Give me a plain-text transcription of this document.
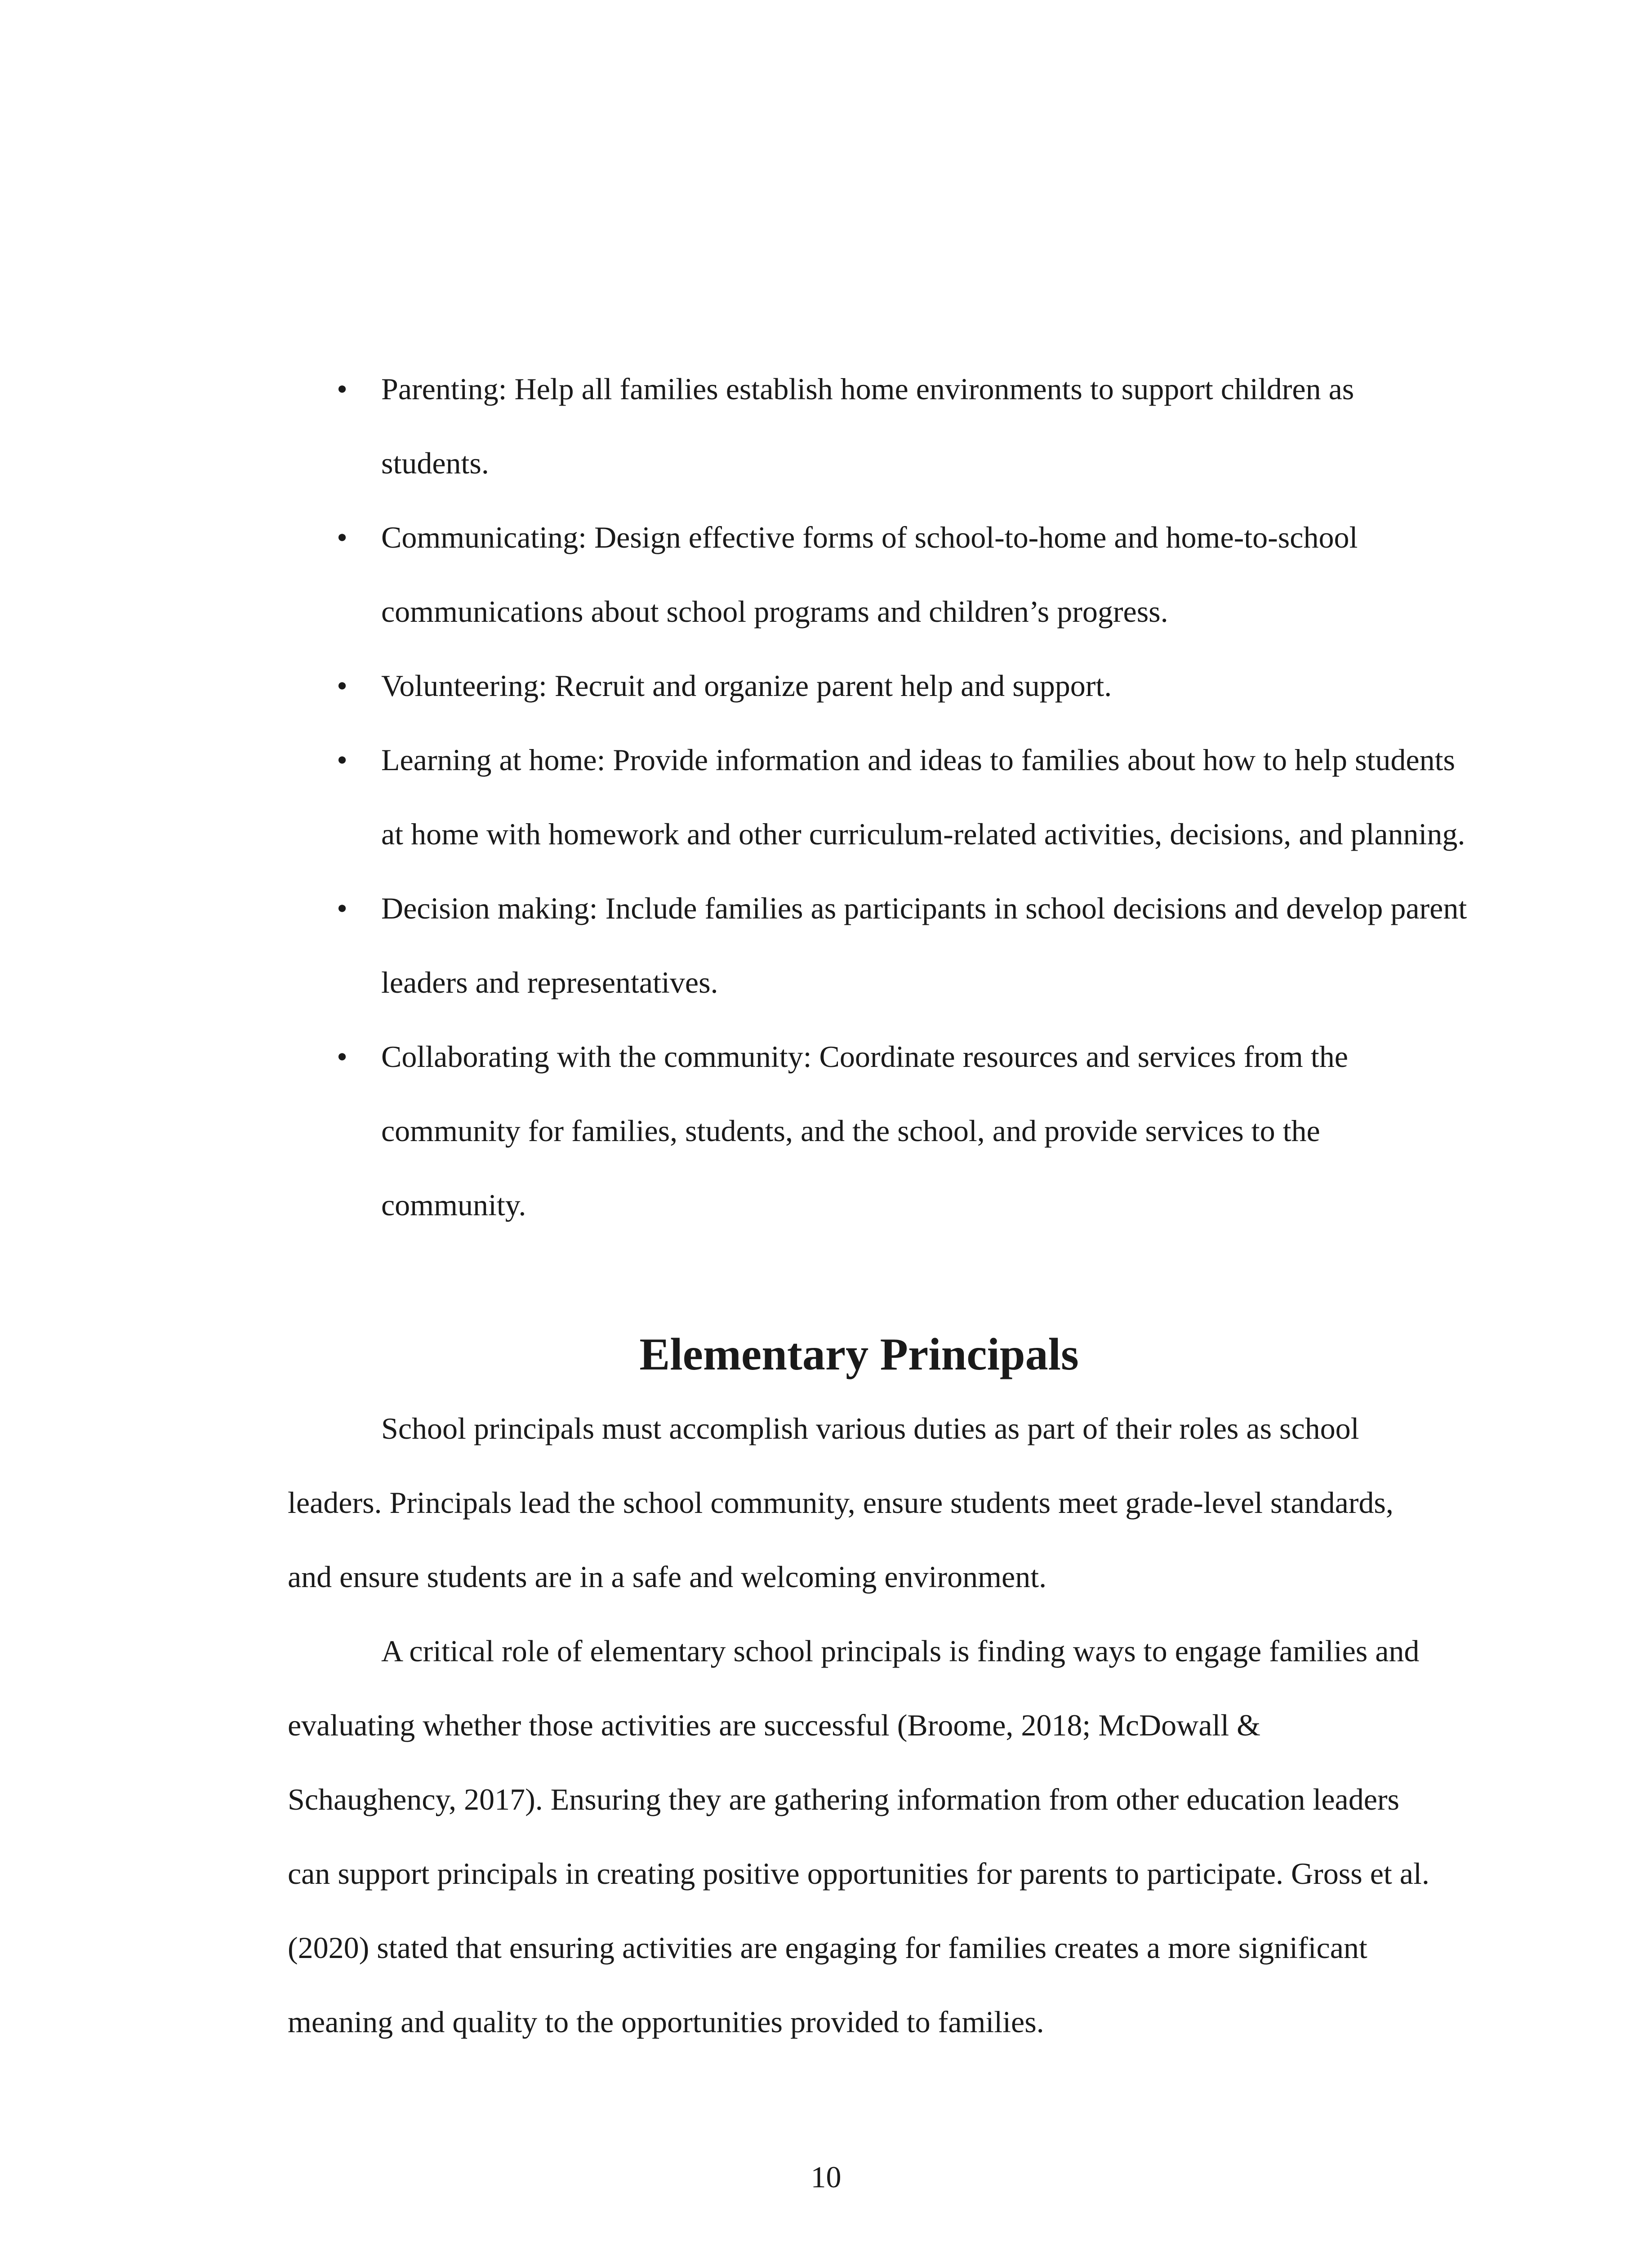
• Parenting: Help all families establish home environments to support children as students.
• Communicating: Design effective forms of school-to-home and home-to-school communications about school programs and children’s progress.
• Volunteering: Recruit and organize parent help and support.
• Learning at home: Provide information and ideas to families about how to help students at home with homework and other curriculum-related activities, decisions, and planning.
• Decision making: Include families as participants in school decisions and develop parent leaders and representatives.
• Collaborating with the community: Coordinate resources and services from the community for families, students, and the school, and provide services to the community.
Elementary Principals

School principals must accomplish various duties as part of their roles as school leaders. Principals lead the school community, ensure students meet grade-level standards, and ensure students are in a safe and welcoming environment.

A critical role of elementary school principals is finding ways to engage families and evaluating whether those activities are successful (Broome, 2018; McDowall & Schaughency, 2017). Ensuring they are gathering information from other education leaders can support principals in creating positive opportunities for parents to participate. Gross et al. (2020) stated that ensuring activities are engaging for families creates a more significant meaning and quality to the opportunities provided to families.

10
